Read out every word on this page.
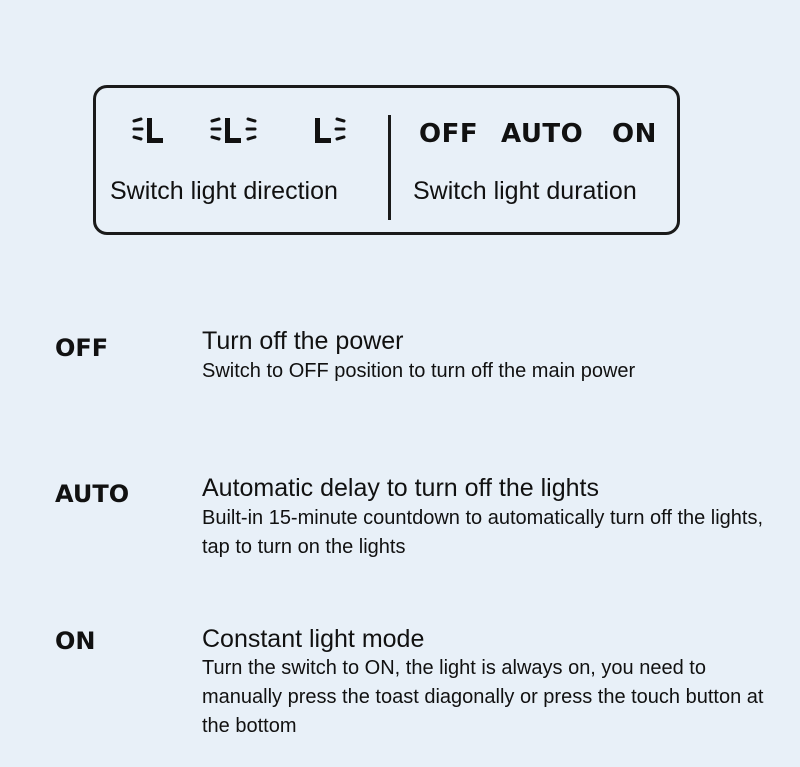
Switch light direction
OFF AUTO ON
Switch light duration
OFF	Turn off the power
Switch to OFF position to turn off the main power
AUTO	Automatic delay to turn off the lights
Built-in 15-minute countdown to automatically turn off the lights, tap to turn on the lights
ON	Constant light mode
Turn the switch to ON, the light is always on, you need to manually press the toast diagonally or press the touch button at the bottom
